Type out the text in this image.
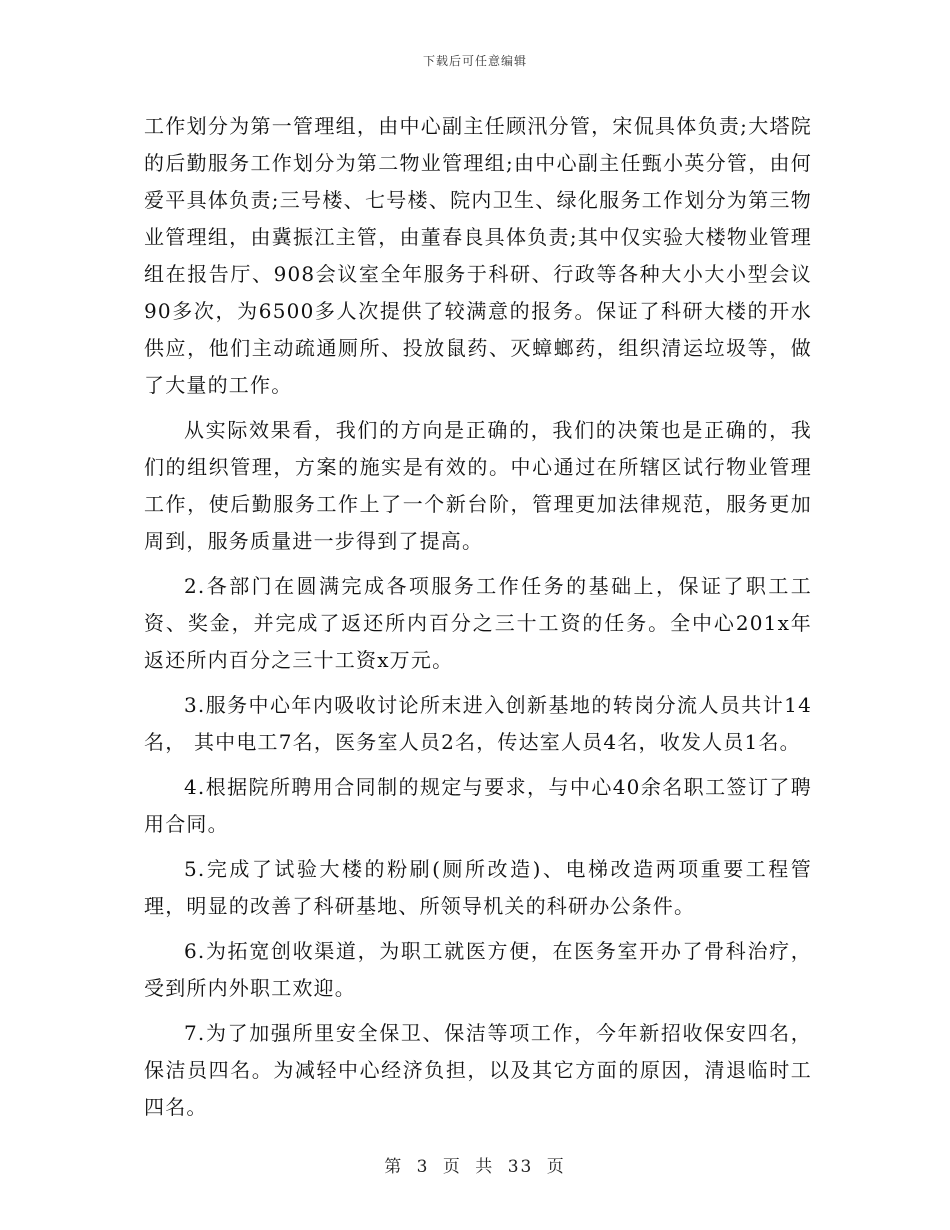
下载后可任意编辑

工作划分为第一管理组，由中心副主任顾汛分管，宋侃具体负责;大塔院的后勤服务工作划分为第二物业管理组;由中心副主任甄小英分管，由何爱平具体负责;三号楼、七号楼、院内卫生、绿化服务工作划分为第三物业管理组，由冀振江主管，由董春良具体负责;其中仅实验大楼物业管理组在报告厅、908会议室全年服务于科研、行政等各种大小大小型会议90多次，为6500多人次提供了较满意的报务。保证了科研大楼的开水供应，他们主动疏通厕所、投放鼠药、灭蟑螂药，组织清运垃圾等，做了大量的工作。

从实际效果看，我们的方向是正确的，我们的决策也是正确的，我们的组织管理，方案的施实是有效的。中心通过在所辖区试行物业管理工作，使后勤服务工作上了一个新台阶，管理更加法律规范，服务更加周到，服务质量进一步得到了提高。

2.各部门在圆满完成各项服务工作任务的基础上，保证了职工工资、奖金，并完成了返还所内百分之三十工资的任务。全中心201x年返还所内百分之三十工资x万元。

3.服务中心年内吸收讨论所末进入创新基地的转岗分流人员共计14名， 其中电工7名，医务室人员2名，传达室人员4名，收发人员1名。

4.根据院所聘用合同制的规定与要求，与中心40余名职工签订了聘用合同。

5.完成了试验大楼的粉刷(厕所改造)、电梯改造两项重要工程管理，明显的改善了科研基地、所领导机关的科研办公条件。

6.为拓宽创收渠道，为职工就医方便，在医务室开办了骨科治疗，受到所内外职工欢迎。

7.为了加强所里安全保卫、保洁等项工作，今年新招收保安四名，保洁员四名。为减轻中心经济负担，以及其它方面的原因，清退临时工四名。

第 3 页 共 33 页
